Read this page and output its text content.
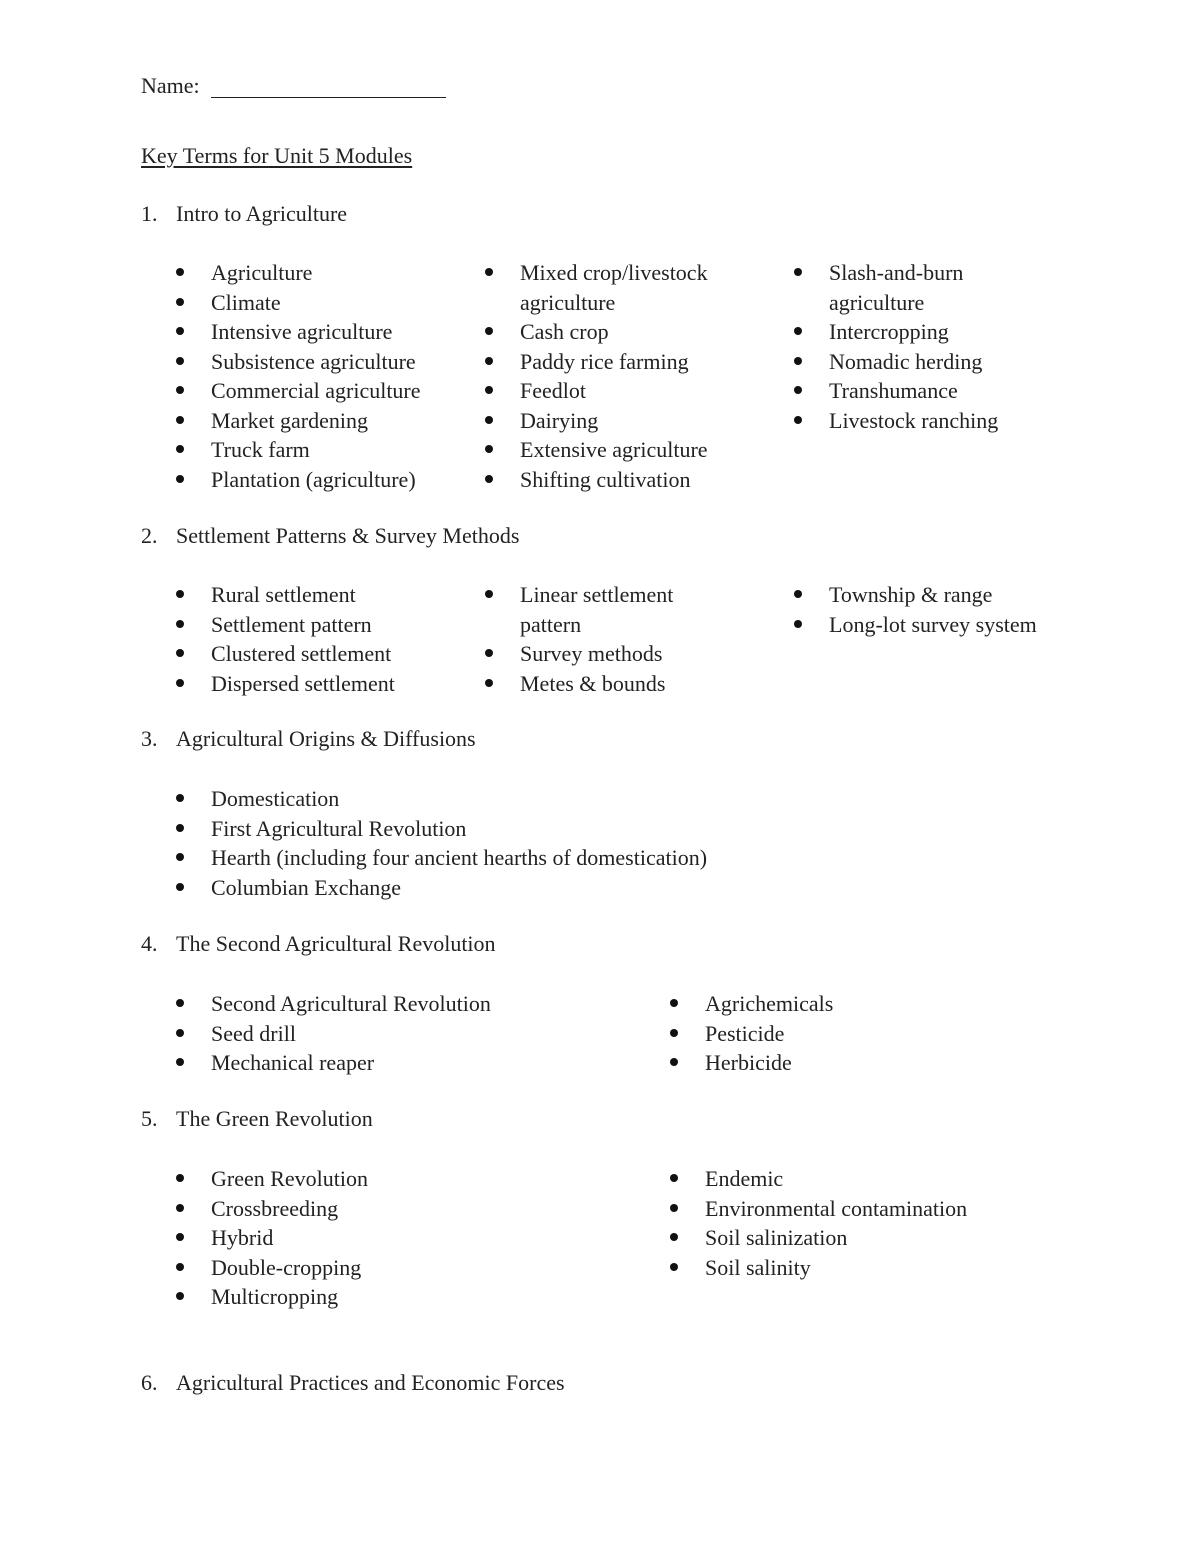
Name:
Key Terms for Unit 5 Modules
1. Intro to Agriculture
Agriculture
Climate
Intensive agriculture
Subsistence agriculture
Commercial agriculture
Market gardening
Truck farm
Plantation (agriculture)
Mixed crop/livestock
agriculture
Cash crop
Paddy rice farming
Feedlot
Dairying
Extensive agriculture
Shifting cultivation
Slash-and-burn
agriculture
Intercropping
Nomadic herding
Transhumance
Livestock ranching
2. Settlement Patterns & Survey Methods
Rural settlement
Settlement pattern
Clustered settlement
Dispersed settlement
Linear settlement
pattern
Survey methods
Metes & bounds
Township & range
Long-lot survey system
3. Agricultural Origins & Diffusions
Domestication
First Agricultural Revolution
Hearth (including four ancient hearths of domestication)
Columbian Exchange
4. The Second Agricultural Revolution
Second Agricultural Revolution
Seed drill
Mechanical reaper
Agrichemicals
Pesticide
Herbicide
5. The Green Revolution
Green Revolution
Crossbreeding
Hybrid
Double-cropping
Multicropping
Endemic
Environmental contamination
Soil salinization
Soil salinity
6. Agricultural Practices and Economic Forces
